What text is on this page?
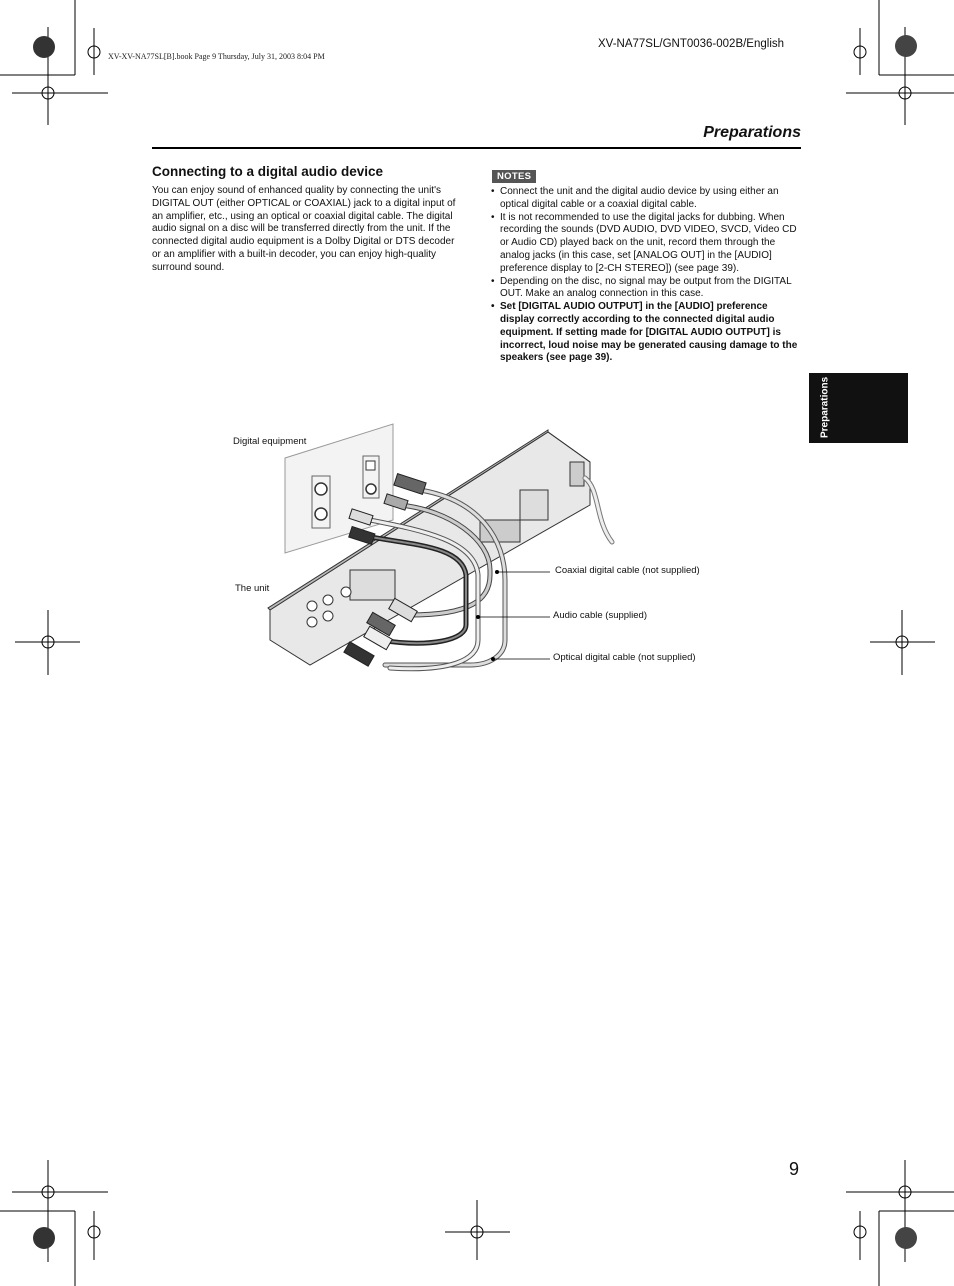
XV-XV-NA77SL[B].book Page 9 Thursday, July 31, 2003 8:04 PM
XV-NA77SL/GNT0036-002B/English
Preparations
Connecting to a digital audio device

You can enjoy sound of enhanced quality by connecting the unit's DIGITAL OUT (either OPTICAL or COAXIAL) jack to a digital input of an amplifier, etc., using an optical or coaxial digital cable. The digital audio signal on a disc will be transferred directly from the unit. If the connected digital audio equipment is a Dolby Digital or DTS decoder or an amplifier with a built-in decoder, you can enjoy high-quality surround sound.

NOTES
• Connect the unit and the digital audio device by using either an optical digital cable or a coaxial digital cable.
• It is not recommended to use the digital jacks for dubbing. When recording the sounds (DVD AUDIO, DVD VIDEO, SVCD, Video CD or Audio CD) played back on the unit, record them through the analog jacks (in this case, set [ANALOG OUT] in the [AUDIO] preference display to [2-CH STEREO]) (see page 39).
• Depending on the disc, no signal may be output from the DIGITAL OUT. Make an analog connection in this case.
• Set [DIGITAL AUDIO OUTPUT] in the [AUDIO] preference display correctly according to the connected digital audio equipment. If setting made for [DIGITAL AUDIO OUTPUT] is incorrect, loud noise may be generated causing damage to the speakers (see page 39).
Preparations
Digital equipment
The unit
Coaxial digital cable (not supplied)
Audio cable (supplied)
Optical digital cable (not supplied)
9
